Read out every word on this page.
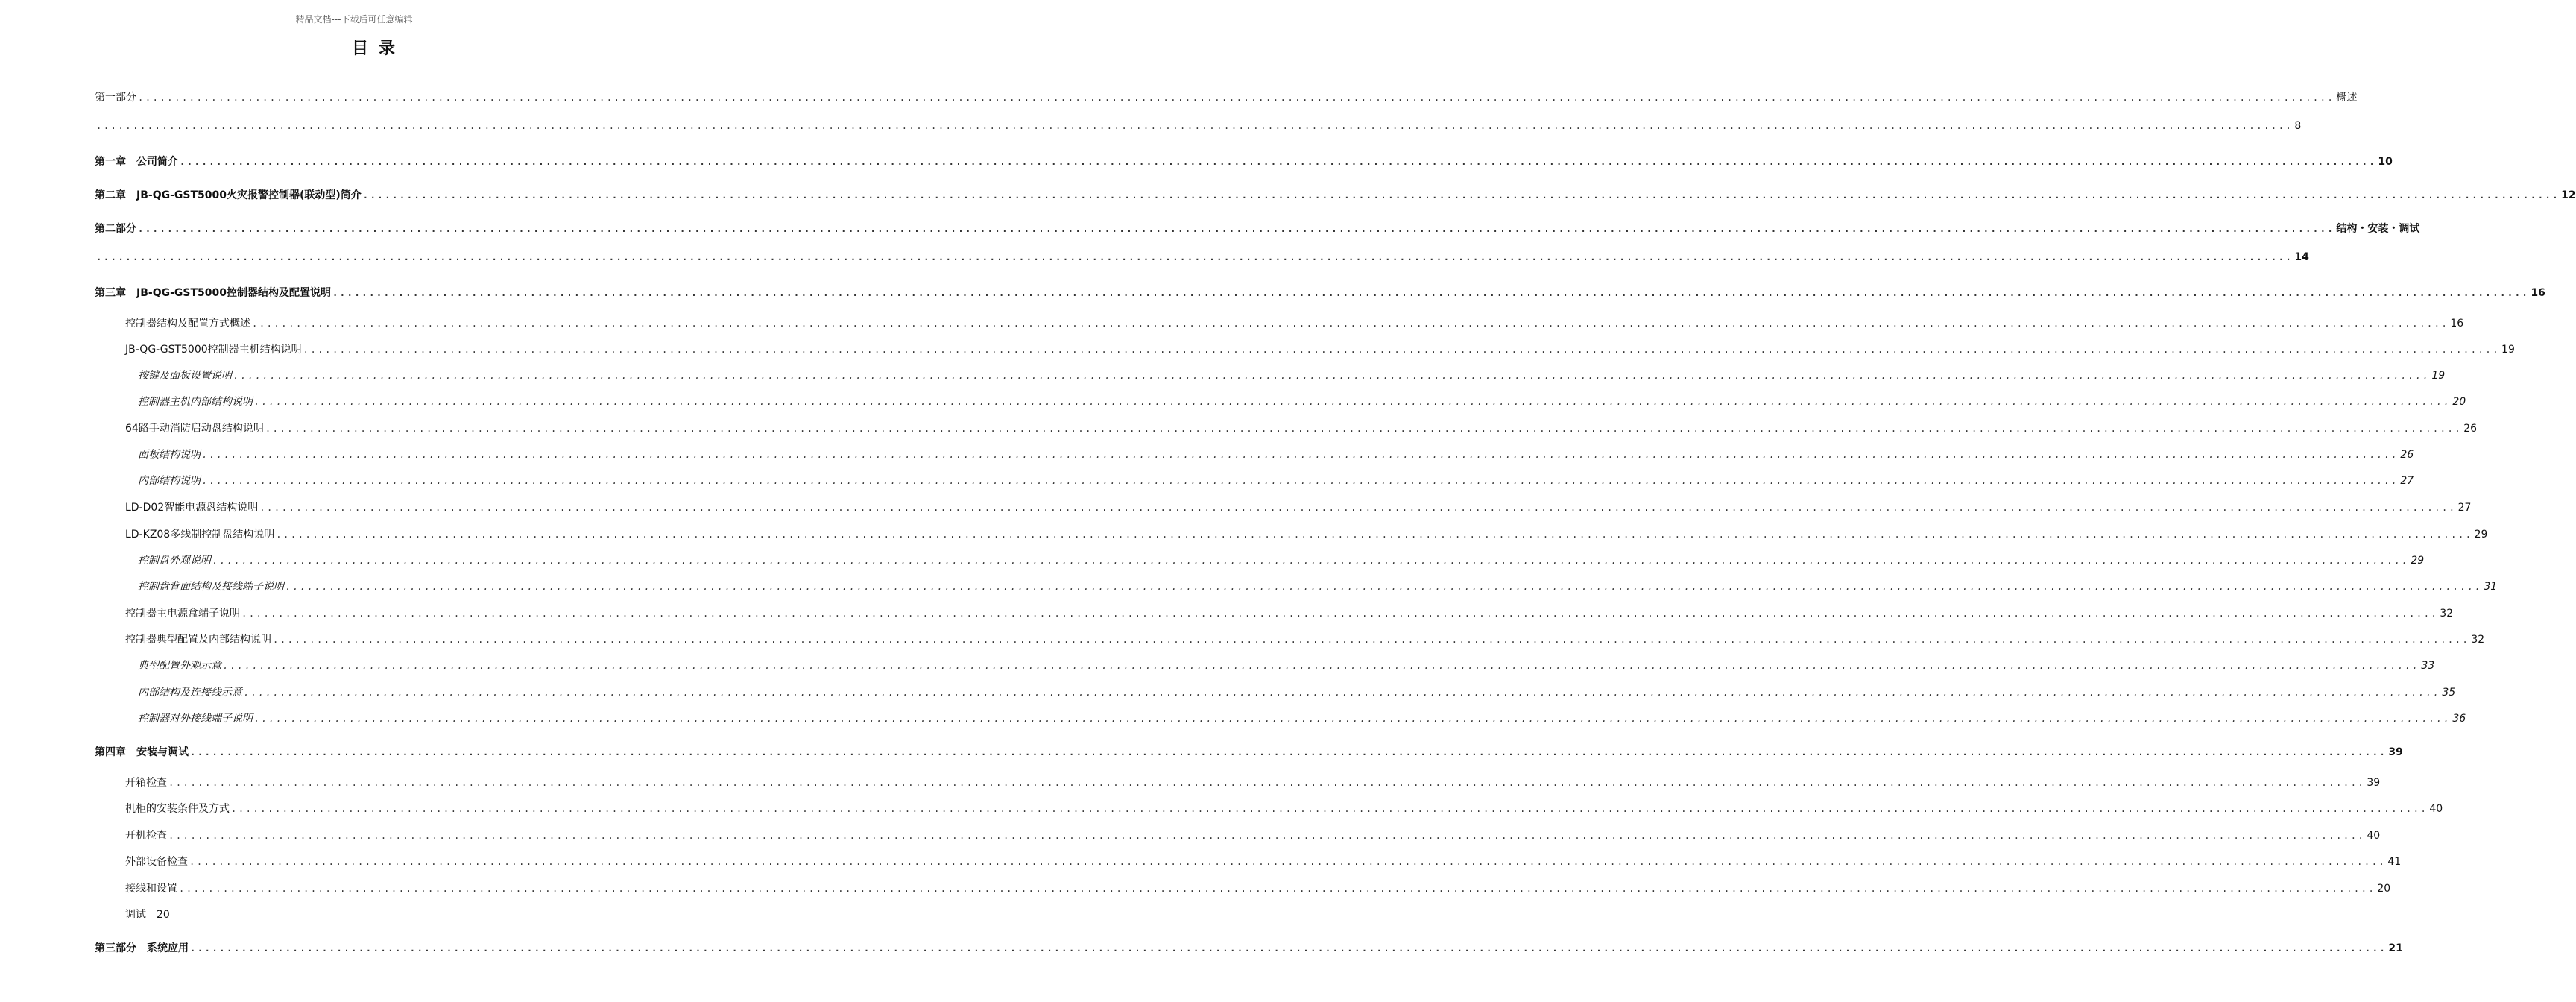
精品文档---下载后可任意编辑
目录
第一部分 ............................................................................................................................................................................................................................................................................................................ 概述
............................................................................................................................................................................................................................................................................................................ 8
第一章　公司简介 ............................................................................................................................................................................................................................................................................................................ 10
第二章　JB-QG-GST5000火灾报警控制器(联动型)简介 ............................................................................................................................................................................................................................................................................................................ 12
第二部分 ............................................................................................................................................................................................................................................................................................................ 结构・安装・调试
............................................................................................................................................................................................................................................................................................................ 14
第三章　JB-QG-GST5000控制器结构及配置说明 ............................................................................................................................................................................................................................................................................................................ 16
控制器结构及配置方式概述 ............................................................................................................................................................................................................................................................................................................ 16
JB-QG-GST5000控制器主机结构说明 ............................................................................................................................................................................................................................................................................................................ 19
按键及面板设置说明 ............................................................................................................................................................................................................................................................................................................ 19
控制器主机内部结构说明 ............................................................................................................................................................................................................................................................................................................ 20
64路手动消防启动盘结构说明 ............................................................................................................................................................................................................................................................................................................ 26
面板结构说明 ............................................................................................................................................................................................................................................................................................................ 26
内部结构说明 ............................................................................................................................................................................................................................................................................................................ 27
LD-D02智能电源盘结构说明 ............................................................................................................................................................................................................................................................................................................ 27
LD-KZ08多线制控制盘结构说明 ............................................................................................................................................................................................................................................................................................................ 29
控制盘外观说明 ............................................................................................................................................................................................................................................................................................................ 29
控制盘背面结构及接线端子说明 ............................................................................................................................................................................................................................................................................................................ 31
控制器主电源盒端子说明 ............................................................................................................................................................................................................................................................................................................ 32
控制器典型配置及内部结构说明 ............................................................................................................................................................................................................................................................................................................ 32
典型配置外观示意 ............................................................................................................................................................................................................................................................................................................ 33
内部结构及连接线示意 ............................................................................................................................................................................................................................................................................................................ 35
控制器对外接线端子说明 ............................................................................................................................................................................................................................................................................................................ 36
第四章　安装与调试 ............................................................................................................................................................................................................................................................................................................ 39
开箱检查 ............................................................................................................................................................................................................................................................................................................ 39
机柜的安装条件及方式 ............................................................................................................................................................................................................................................................................................................ 40
开机检查 ............................................................................................................................................................................................................................................................................................................ 40
外部设备检查 ............................................................................................................................................................................................................................................................................................................ 41
接线和设置 ............................................................................................................................................................................................................................................................................................................ 20
调试　20
第三部分　系统应用 ............................................................................................................................................................................................................................................................................................................ 21
